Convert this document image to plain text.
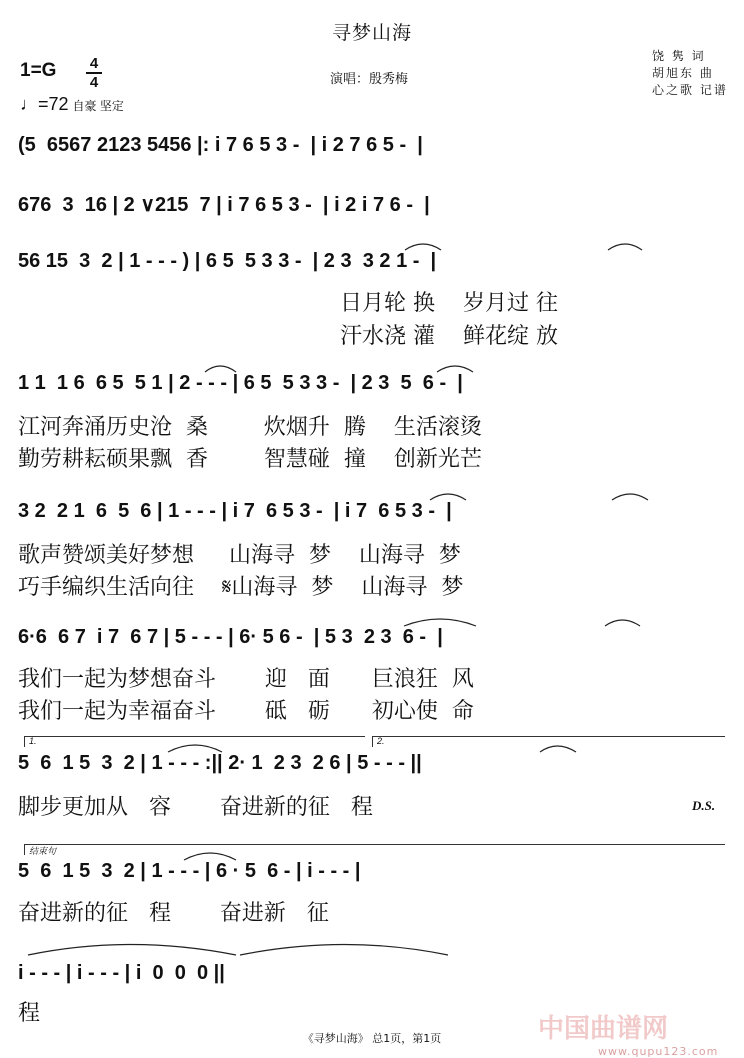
寻梦山海
1=G 4
4
♩=72 自豪 坚定
演唱：殷秀梅
饶 隽 词
胡旭东 曲
心之歌 记谱
(5  6567 2123 5456 |: i 7 6 5 3 -  | i 2 7 6 5 -  |
676  3  16 | 2 ∨215  7 | i 7 6 5 3 -  | i 2 i 7 6 -  |
56 15  3  2 | 1 - - - ) | 6 5  5 3 3 -  | 2 3  3 2 1 -  |
日月轮 换    岁月过 往
汗水浇 灌    鲜花绽 放
1 1  1 6  6 5  5 1 | 2 - - - | 6 5  5 3 3 -  | 2 3  5  6 -  |
江河奔涌历史沧  桑        炊烟升  腾    生活滚烫
勤劳耕耘硕果飘  香        智慧碰  撞    创新光芒
3 2  2 1  6  5  6 | 1 - - - | i 7  6 5 3 -  | i 7  6 5 3 -  |
歌声赞颂美好梦想     山海寻  梦    山海寻  梦
巧手编织生活向往    𝄋山海寻  梦    山海寻  梦
6·6  6 7  i 7  6 7 | 5 - - - | 6· 5 6 -  | 5 3  2 3  6 -  |
我们一起为梦想奋斗       迎   面      巨浪狂  风
我们一起为幸福奋斗       砥   砺      初心使  命
1.	2.
5  6  1 5  3  2 | 1 - - - :|| 2· 1  2 3  2 6 | 5 - - - ||
脚步更加从   容       奋进新的征   程	D.S.
结束句
5  6  1 5  3  2 | 1 - - - | 6 · 5  6 - | i - - - |
奋进新的征   程       奋进新   征
i - - - | i - - - | i  0  0  0 ||
程
《寻梦山海》 总1页，第1页	中国曲谱网
www.qupu123.com
